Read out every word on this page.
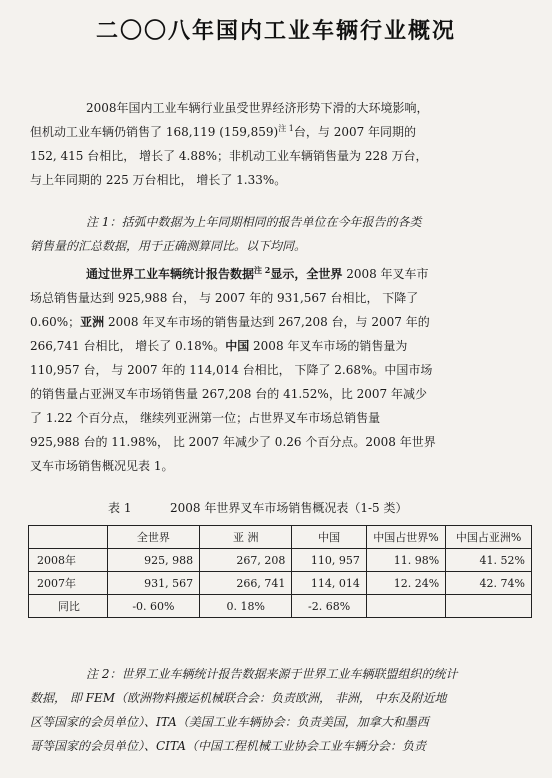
二〇〇八年国内工业车辆行业概况
2008年国内工业车辆行业虽受世界经济形势下滑的大环境影响，
但机动工业车辆仍销售了 168,119 $(159,859)^{注 1}$台，与 2007 年同期的
152, 415 台相比， 增长了 4.88%；非机动工业车辆销售量为 228 万台，
与上年同期的 225 万台相比， 增长了 1.33%。
注 1：括弧中数据为上年同期相同的报告单位在今年报告的各类
销售量的汇总数据，用于正确测算同比。以下均同。
通过世界工业车辆统计报告数据$^{注 2}$显示，全世界 2008 年叉车市
场总销售量达到 925,988 台， 与 2007 年的 931,567 台相比， 下降了
0.60%；亚洲 2008 年叉车市场的销售量达到 267,208 台，与 2007 年的
266,741 台相比， 增长了 0.18%。中国 2008 年叉车市场的销售量为
110,957 台， 与 2007 年的 114,014 台相比， 下降了 2.68%。中国市场
的销售量占亚洲叉车市场销售量 267,208 台的 41.52%，比 2007 年减少
了 1.22 个百分点， 继续列亚洲第一位；占世界叉车市场总销售量
925,988 台的 11.98%， 比 2007 年减少了 0.26 个百分点。2008 年世界
叉车市场销售概况见表 1。
表 1	2008 年世界叉车市场销售概况表（1-5 类）
	全世界	亚 洲	中国	中国占世界%	中国占亚洲%
2008年	925, 988	267, 208	110, 957	11. 98%	41. 52%
2007年	931, 567	266, 741	114, 014	12. 24%	42. 74%
同比	-0. 60%	0. 18%	-2. 68%		
注 2：世界工业车辆统计报告数据来源于世界工业车辆联盟组织的统计
数据， 即 FEM（欧洲物料搬运机械联合会：负责欧洲， 非洲， 中东及附近地
区等国家的会员单位）、ITA（美国工业车辆协会：负责美国，加拿大和墨西
哥等国家的会员单位）、CITA（中国工程机械工业协会工业车辆分会：负责
